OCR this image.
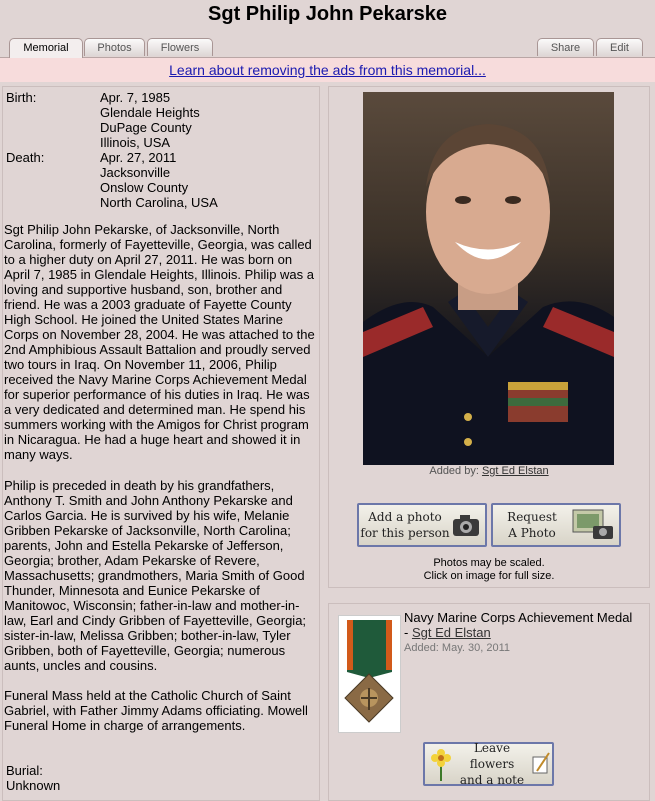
Sgt Philip John Pekarske
Memorial	Photos	Flowers	Share	Edit
Learn about removing the ads from this memorial...
Birth:	Apr. 7, 1985
Glendale Heights
DuPage County
Illinois, USA
Death:	Apr. 27, 2011
Jacksonville
Onslow County
North Carolina, USA
Sgt Philip John Pekarske, of Jacksonville, North Carolina, formerly of Fayetteville, Georgia, was called to a higher duty on April 27, 2011. He was born on April 7, 1985 in Glendale Heights, Illinois. Philip was a loving and supportive husband, son, brother and friend. He was a 2003 graduate of Fayette County High School. He joined the United States Marine Corps on November 28, 2004. He was attached to the 2nd Amphibious Assault Battalion and proudly served two tours in Iraq. On November 11, 2006, Philip received the Navy Marine Corps Achievement Medal for superior performance of his duties in Iraq. He was a very dedicated and determined man. He spend his summers working with the Amigos for Christ program in Nicaragua. He had a huge heart and showed it in many ways.
Philip is preceded in death by his grandfathers, Anthony T. Smith and John Anthony Pekarske and Carlos Garcia. He is survived by his wife, Melanie Gribben Pekarske of Jacksonville, North Carolina; parents, John and Estella Pekarske of Jefferson, Georgia; brother, Adam Pekarske of Revere, Massachusetts; grandmothers, Maria Smith of Good Thunder, Minnesota and Eunice Pekarske of Manitowoc, Wisconsin; father-in-law and mother-in-law, Earl and Cindy Gribben of Fayetteville, Georgia; sister-in-law, Melissa Gribben; bother-in-law, Tyler Gribben, both of Fayetteville, Georgia; numerous aunts, uncles and cousins.
Funeral Mass held at the Catholic Church of Saint Gabriel, with Father Jimmy Adams officiating. Mowell Funeral Home in charge of arrangements.
Burial:
Unknown
Added by: Sgt Ed Elstan
Add a photo
for this person
Request
A Photo
Photos may be scaled.
Click on image for full size.
Navy Marine Corps Achievement Medal
- Sgt Ed Elstan
Added: May. 30, 2011
Leave flowers
and a note
